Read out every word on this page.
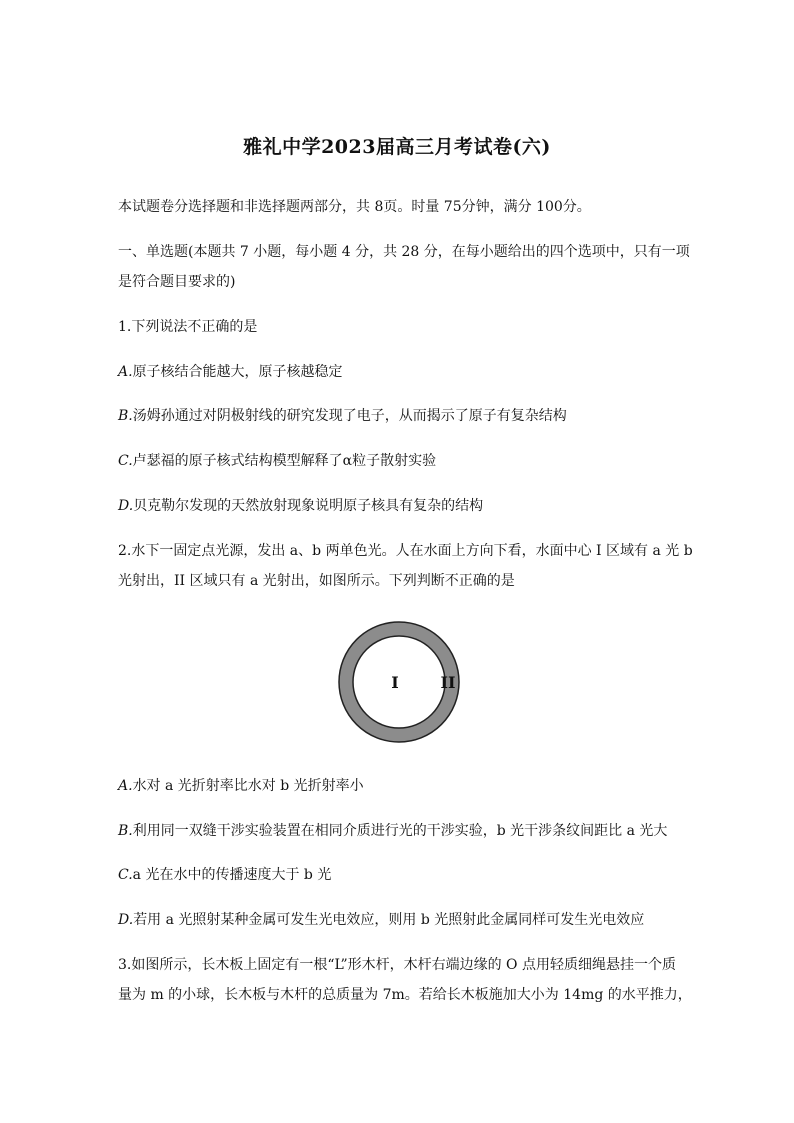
雅礼中学2023届高三月考试卷(六)
本试题卷分选择题和非选择题两部分，共 8页。时量 75分钟，满分 100分。
一、单选题(本题共 7 小题，每小题 4 分，共 28 分，在每小题给出的四个选项中，只有一项
是符合题目要求的)
1.下列说法不正确的是
A.原子核结合能越大，原子核越稳定
B.汤姆孙通过对阴极射线的研究发现了电子，从而揭示了原子有复杂结构
C.卢瑟福的原子核式结构模型解释了α粒子散射实验
D.贝克勒尔发现的天然放射现象说明原子核具有复杂的结构
2.水下一固定点光源，发出 a、b 两单色光。人在水面上方向下看，水面中心 I 区域有 a 光 b
光射出，II 区域只有 a 光射出，如图所示。下列判断不正确的是
I	II
A.水对 a 光折射率比水对 b 光折射率小
B.利用同一双缝干涉实验装置在相同介质进行光的干涉实验，b 光干涉条纹间距比 a 光大
C.a 光在水中的传播速度大于 b 光
D.若用 a 光照射某种金属可发生光电效应，则用 b 光照射此金属同样可发生光电效应
3.如图所示，长木板上固定有一根“L”形木杆，木杆右端边缘的 O 点用轻质细绳悬挂一个质
量为 m 的小球，长木板与木杆的总质量为 7m。若给长木板施加大小为 14mg 的水平推力，
